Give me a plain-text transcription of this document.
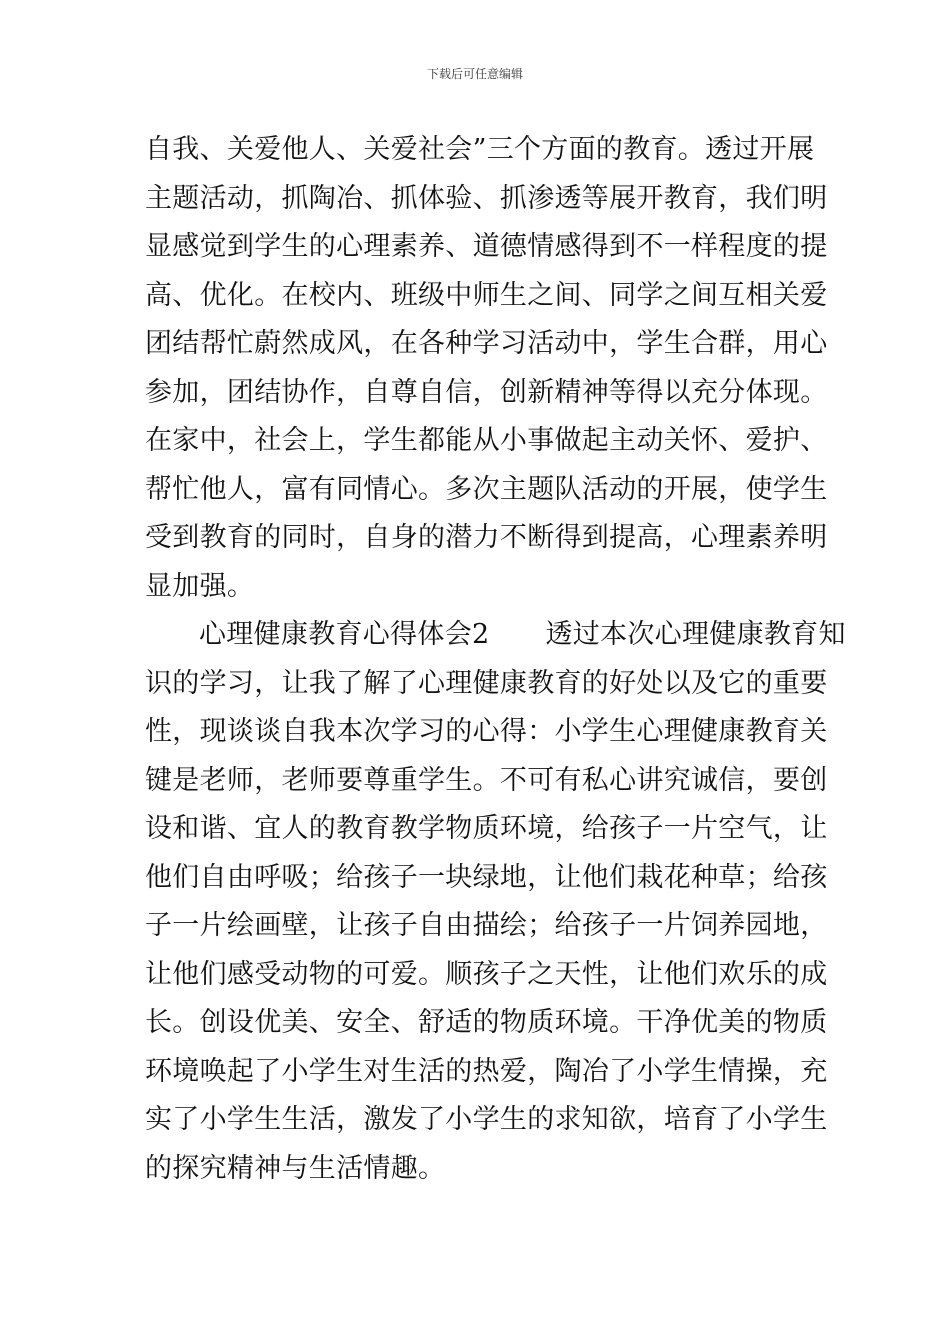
下载后可任意编辑
自我、关爱他人、关爱社会”三个方面的教育。透过开展
主题活动，抓陶冶、抓体验、抓渗透等展开教育，我们明
显感觉到学生的心理素养、道德情感得到不一样程度的提
高、优化。在校内、班级中师生之间、同学之间互相关爱
团结帮忙蔚然成风，在各种学习活动中，学生合群，用心
参加，团结协作，自尊自信，创新精神等得以充分体现。
在家中，社会上，学生都能从小事做起主动关怀、爱护、
帮忙他人，富有同情心。多次主题队活动的开展，使学生
受到教育的同时，自身的潜力不断得到提高，心理素养明
显加强。
心理健康教育心得体会2 透过本次心理健康教育知
识的学习，让我了解了心理健康教育的好处以及它的重要
性，现谈谈自我本次学习的心得：小学生心理健康教育关
键是老师，老师要尊重学生。不可有私心讲究诚信，要创
设和谐、宜人的教育教学物质环境，给孩子一片空气，让
他们自由呼吸；给孩子一块绿地，让他们栽花种草；给孩
子一片绘画壁，让孩子自由描绘；给孩子一片饲养园地，
让他们感受动物的可爱。顺孩子之天性，让他们欢乐的成
长。创设优美、安全、舒适的物质环境。干净优美的物质
环境唤起了小学生对生活的热爱，陶冶了小学生情操，充
实了小学生生活，激发了小学生的求知欲，培育了小学生
的探究精神与生活情趣。
